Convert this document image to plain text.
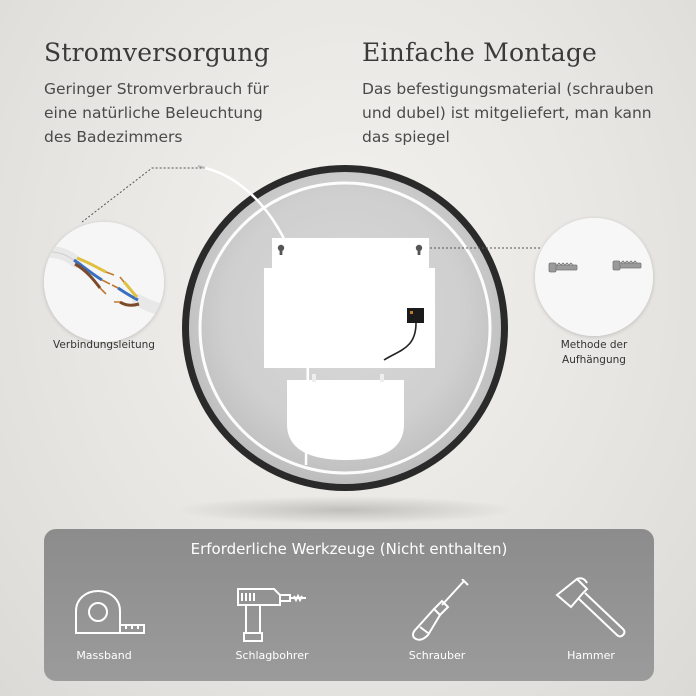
Stromversorgung
Geringer Stromverbrauch für
eine natürliche Beleuchtung
des Badezimmers
Einfache Montage
Das befestigungsmaterial (schrauben
und dubel) ist mitgeliefert, man kann
das spiegel
Verbindungsleitung	Methode der
Aufhängung
Erforderliche Werkzeuge (Nicht enthalten)
Massband	Schlagbohrer	Schrauber	Hammer
